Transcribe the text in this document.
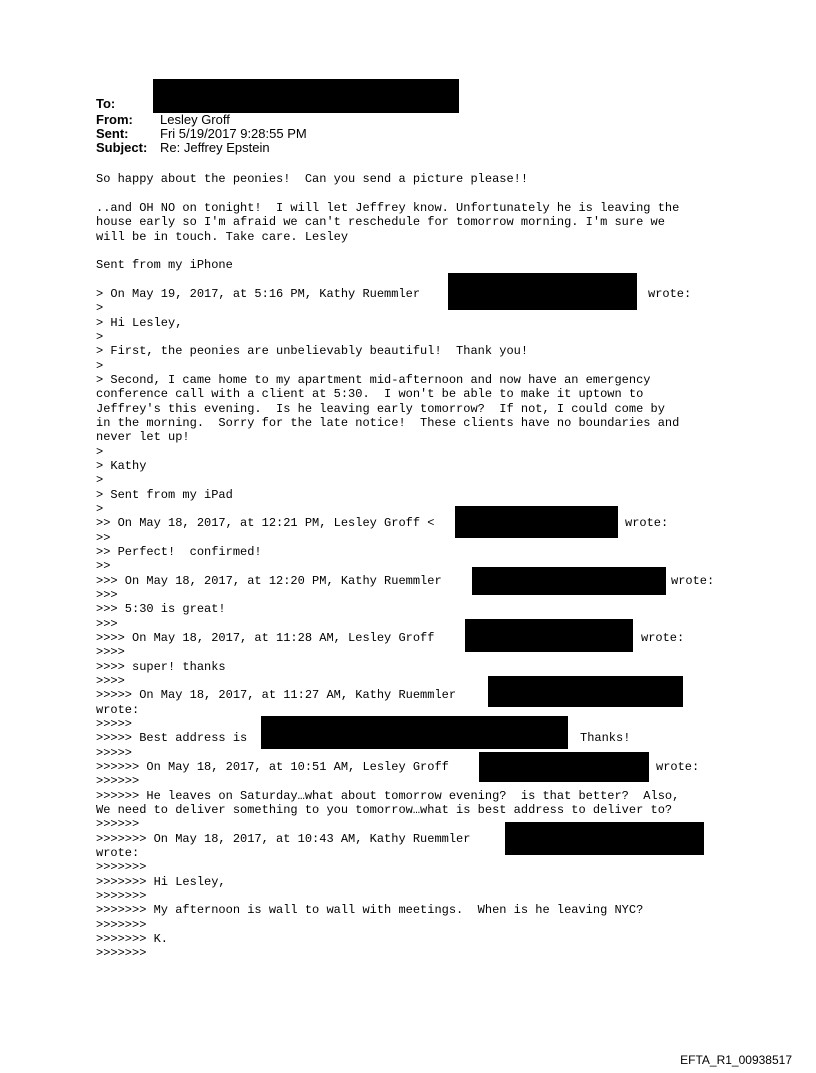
To:
From: Lesley Groff
Sent: Fri 5/19/2017 9:28:55 PM
Subject: Re: Jeffrey Epstein
So happy about the peonies!  Can you send a picture please!!
..and OH NO on tonight!  I will let Jeffrey know. Unfortunately he is leaving the
house early so I'm afraid we can't reschedule for tomorrow morning. I'm sure we
will be in touch. Take care. Lesley
Sent from my iPhone
> On May 19, 2017, at 5:16 PM, Kathy Ruemmler	wrote:
>
> Hi Lesley,
>
> First, the peonies are unbelievably beautiful!  Thank you!
>
> Second, I came home to my apartment mid-afternoon and now have an emergency
conference call with a client at 5:30.  I won't be able to make it uptown to
Jeffrey's this evening.  Is he leaving early tomorrow?  If not, I could come by
in the morning.  Sorry for the late notice!  These clients have no boundaries and
never let up!
>
> Kathy
>
> Sent from my iPad
>
>> On May 18, 2017, at 12:21 PM, Lesley Groff <	wrote:
>>
>> Perfect!  confirmed!
>>
>>> On May 18, 2017, at 12:20 PM, Kathy Ruemmler	wrote:
>>>
>>> 5:30 is great!
>>>
>>>> On May 18, 2017, at 11:28 AM, Lesley Groff	wrote:
>>>>
>>>> super! thanks
>>>>
>>>>> On May 18, 2017, at 11:27 AM, Kathy Ruemmler
wrote:
>>>>>
>>>>> Best address is	Thanks!
>>>>>
>>>>>> On May 18, 2017, at 10:51 AM, Lesley Groff	wrote:
>>>>>>
>>>>>> He leaves on Saturday…what about tomorrow evening?  is that better?  Also,
We need to deliver something to you tomorrow…what is best address to deliver to?
>>>>>>
>>>>>>> On May 18, 2017, at 10:43 AM, Kathy Ruemmler
wrote:
>>>>>>>
>>>>>>> Hi Lesley,
>>>>>>>
>>>>>>> My afternoon is wall to wall with meetings.  When is he leaving NYC?
>>>>>>>
>>>>>>> K.
>>>>>>>
EFTA_R1_00938517
